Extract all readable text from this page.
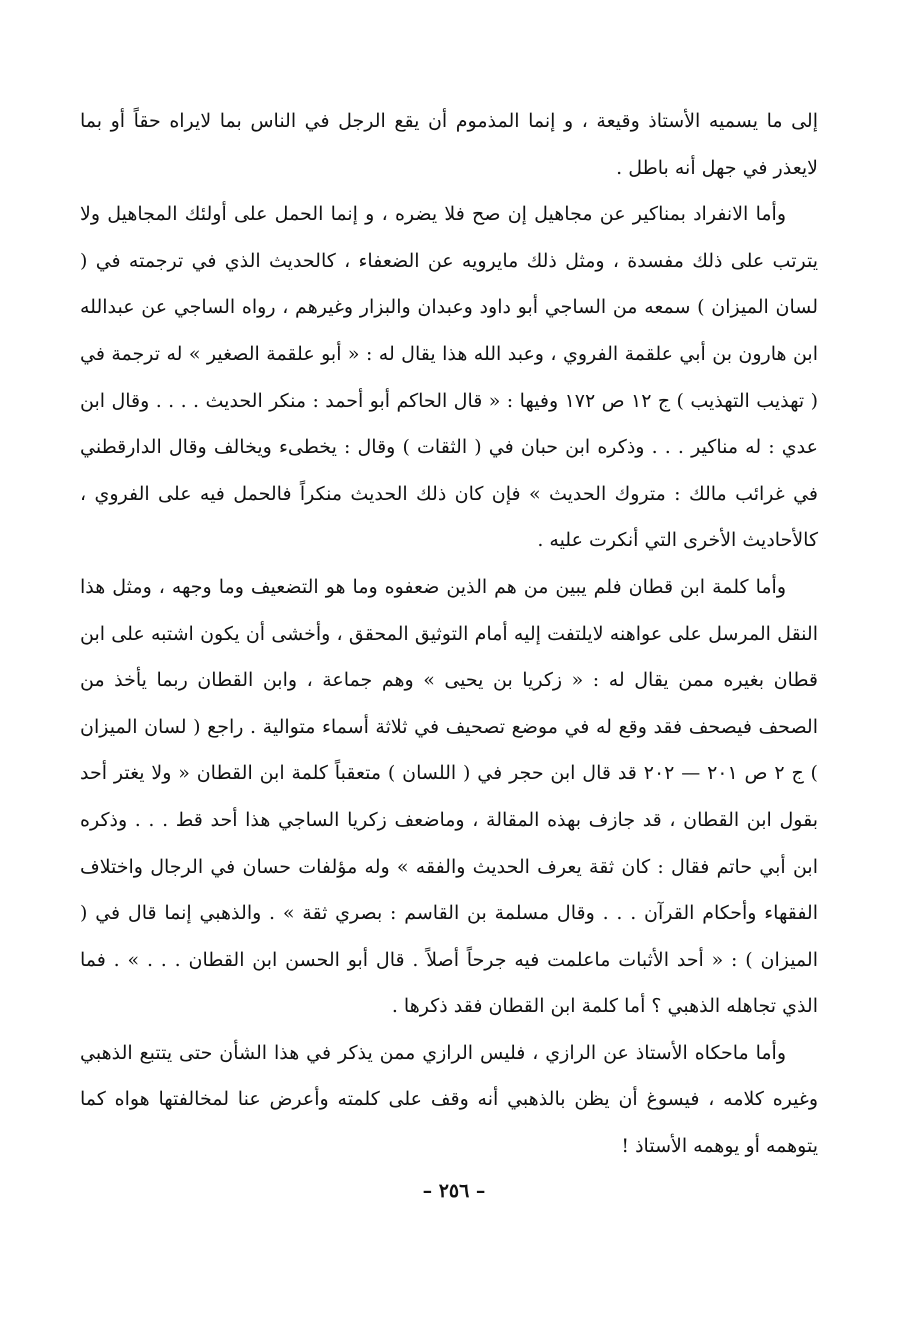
إلى ما يسميه الأستاذ وقيعة ، و إنما المذموم أن يقع الرجل في الناس بما لايراه حقاً أو بما لايعذر في جهل أنه باطل .

وأما الانفراد بمناكير عن مجاهيل إن صح فلا يضره ، و إنما الحمل على أولئك المجاهيل ولا يترتب على ذلك مفسدة ، ومثل ذلك مايرويه عن الضعفاء ، كالحديث الذي في ترجمته في ( لسان الميزان ) سمعه من الساجي أبو داود وعبدان والبزار وغيرهم ، رواه الساجي عن عبدالله ابن هارون بن أبي علقمة الفروي ، وعبد الله هذا يقال له : « أبو علقمة الصغير » له ترجمة في ( تهذيب التهذيب ) ج ١٢ ص ١٧٢ وفيها : « قال الحاكم أبو أحمد : منكر الحديث . . . . وقال ابن عدي : له مناكير . . . وذكره ابن حبان في ( الثقات ) وقال : يخطىء ويخالف وقال الدارقطني في غرائب مالك : متروك الحديث » فإن كان ذلك الحديث منكراً فالحمل فيه على الفروي ، كالأحاديث الأخرى التي أنكرت عليه .

وأما كلمة ابن قطان فلم يبين من هم الذين ضعفوه وما هو التضعيف وما وجهه ، ومثل هذا النقل المرسل على عواهنه لايلتفت إليه أمام التوثيق المحقق ، وأخشى أن يكون اشتبه على ابن قطان بغيره ممن يقال له : « زكريا بن يحيى » وهم جماعة ، وابن القطان ربما يأخذ من الصحف فيصحف فقد وقع له في موضع تصحيف في ثلاثة أسماء متوالية . راجع ( لسان الميزان ) ج ٢ ص ٢٠١ — ٢٠٢ قد قال ابن حجر في ( اللسان ) متعقباً كلمة ابن القطان « ولا يغتر أحد بقول ابن القطان ، قد جازف بهذه المقالة ، وماضعف زكريا الساجي هذا أحد قط . . . وذكره ابن أبي حاتم فقال : كان ثقة يعرف الحديث والفقه » وله مؤلفات حسان في الرجال واختلاف الفقهاء وأحكام القرآن . . . وقال مسلمة بن القاسم : بصري ثقة » . والذهبي إنما قال في ( الميزان ) : « أحد الأثبات ماعلمت فيه جرحاً أصلاً . قال أبو الحسن ابن القطان . . . » . فما الذي تجاهله الذهبي ؟ أما كلمة ابن القطان فقد ذكرها .

وأما ماحكاه الأستاذ عن الرازي ، فليس الرازي ممن يذكر في هذا الشأن حتى يتتبع الذهبي وغيره كلامه ، فيسوغ أن يظن بالذهبي أنه وقف على كلمته وأعرض عنا لمخالفتها هواه كما يتوهمه أو يوهمه الأستاذ !

– ٢٥٦ –
